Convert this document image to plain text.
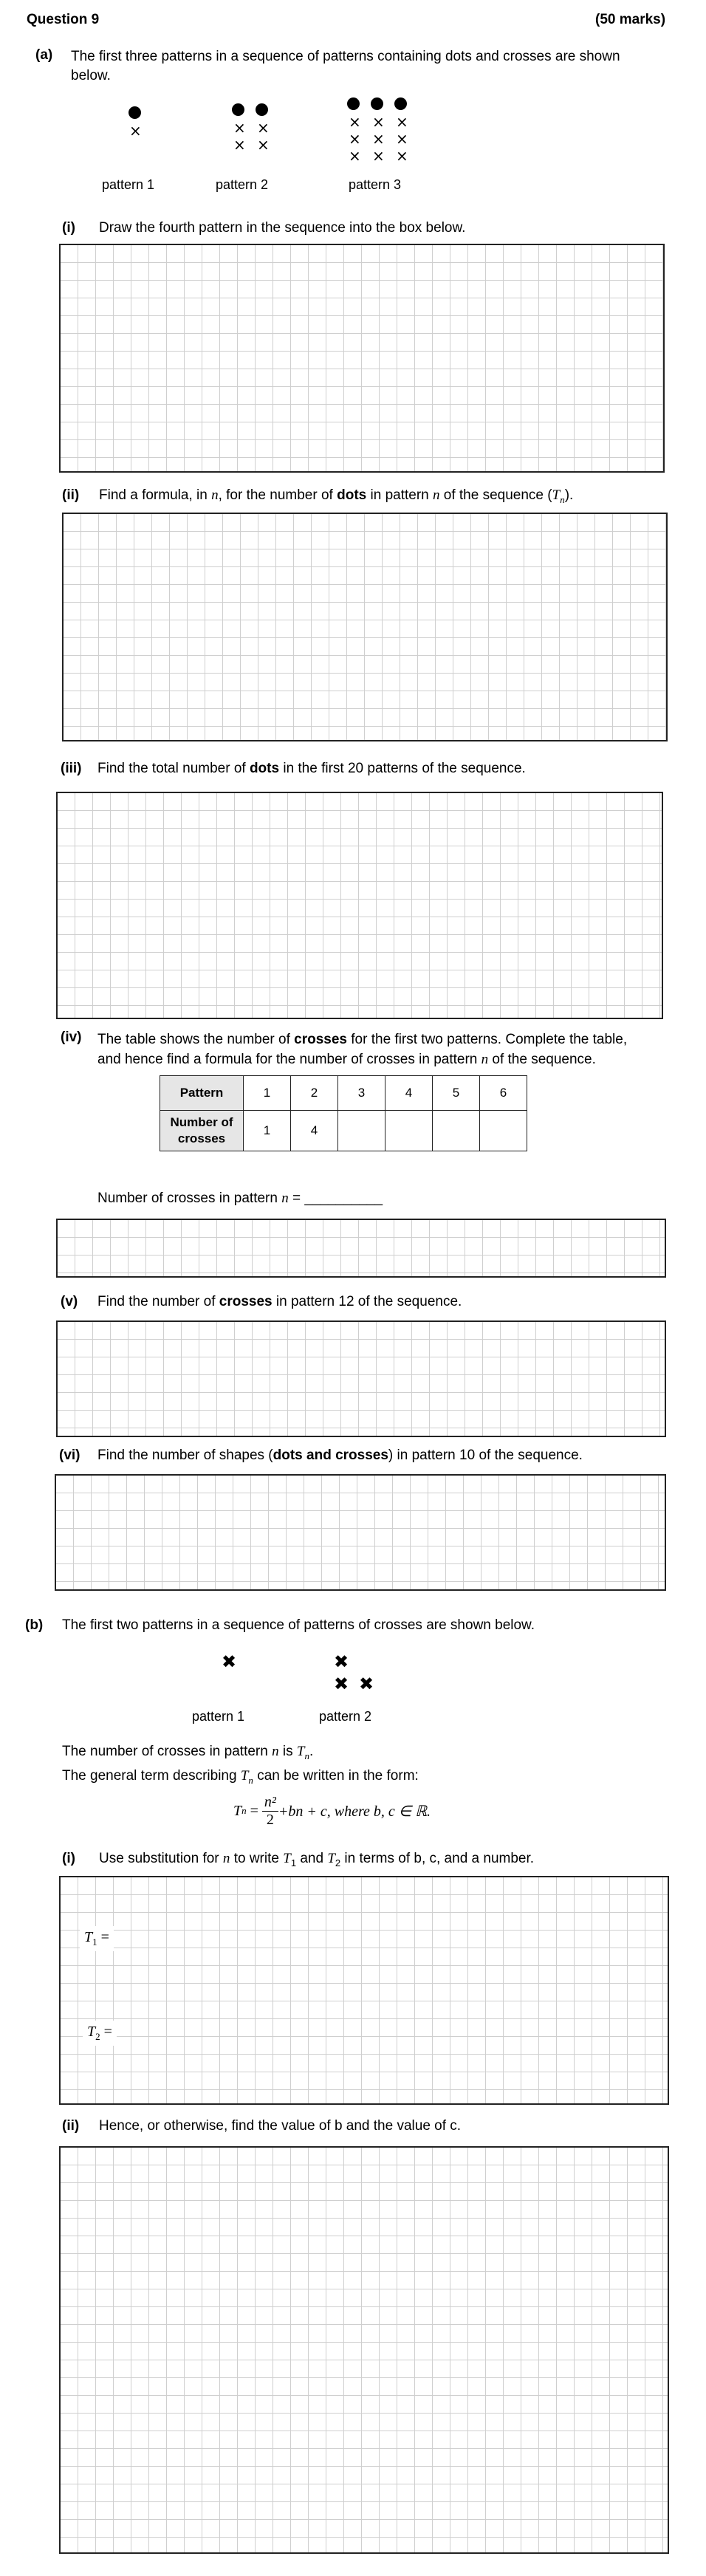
Question 9	(50 marks)
(a) The first three patterns in a sequence of patterns containing dots and crosses are shown below.
×	× ×
× ×
× × ×
× × ×
× × ×
pattern 1	pattern 2	pattern 3
(i) Draw the fourth pattern in the sequence into the box below.
(ii) Find a formula, in n, for the number of dots in pattern n of the sequence $(T_n)$.
(iii) Find the total number of dots in the first 20 patterns of the sequence.
(iv) The table shows the number of crosses for the first two patterns. Complete the table,
and hence find a formula for the number of crosses in pattern n of the sequence.
Pattern	1	2	3	4	5	6
Number of crosses	1	4				
Number of crosses in pattern n = __________
(v) Find the number of crosses in pattern 12 of the sequence.
(vi) Find the number of shapes (dots and crosses) in pattern 10 of the sequence.
(b) The first two patterns in a sequence of patterns of crosses are shown below.
✖	✖
✖ ✖
pattern 1	pattern 2
The number of crosses in pattern n is $T_n$.
The general term describing $T_n$ can be written in the form:
T $n = \frac{\text{n²}}{2} +bn + c$, where b, c ∈ ℝ.
(i) Use substitution for n to write $T_1$ and $T_2$ in terms of b, c, and a number.
$T_1$ =
$T_2$ =
(ii) Hence, or otherwise, find the value of b and the value of c.
